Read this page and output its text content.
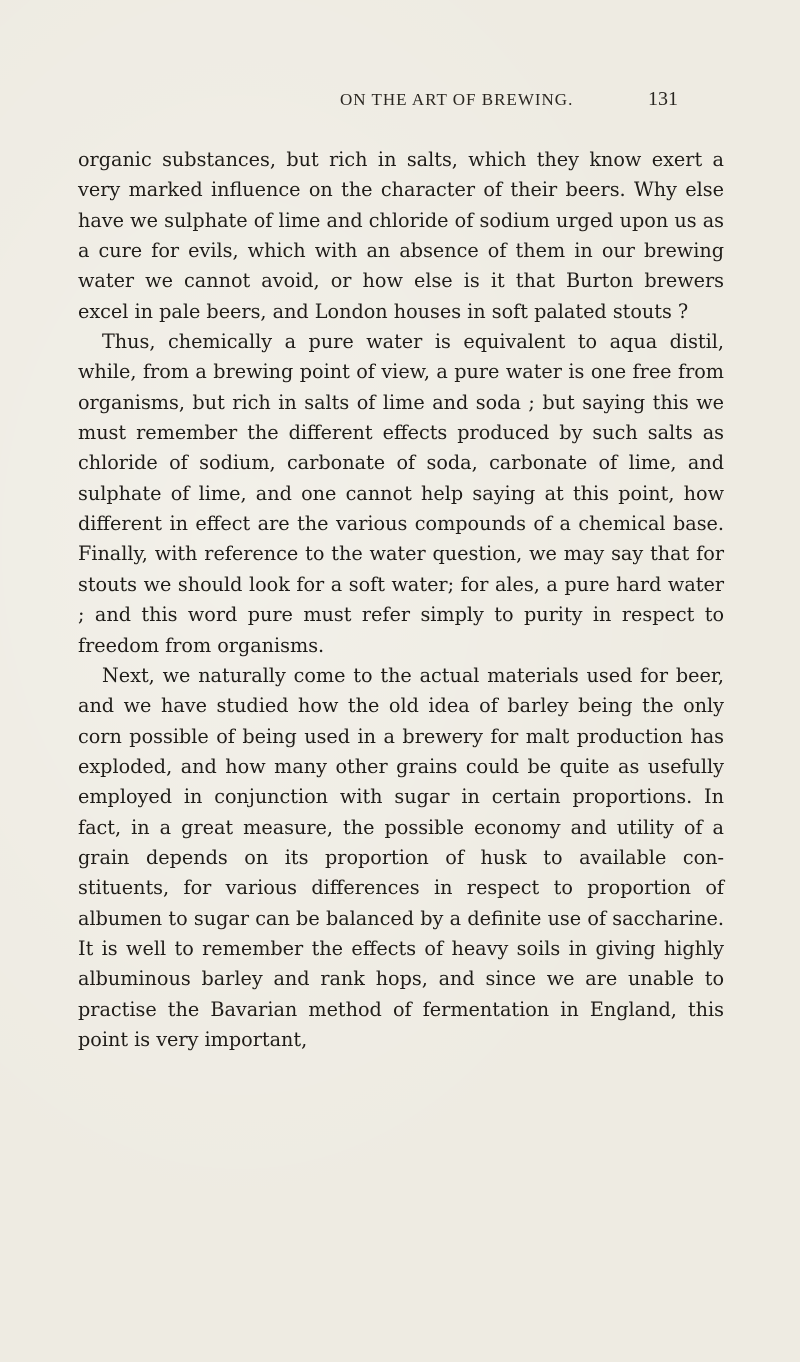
ON THE ART OF BREWING.	131

organic substances, but rich in salts, which they know exert a very marked influence on the character of their beers. Why else have we sulphate of lime and chloride of sodium urged upon us as a cure for evils, which with an absence of them in our brewing water we cannot avoid, or how else is it that Burton brewers excel in pale beers, and London houses in soft palated stouts ?

Thus, chemically a pure water is equivalent to aqua distil, while, from a brewing point of view, a pure water is one free from organisms, but rich in salts of lime and soda ; but saying this we must remember the different effects produced by such salts as chloride of sodium, carbonate of soda, carbonate of lime, and sulphate of lime, and one cannot help saying at this point, how different in effect are the various compounds of a chemical base. Finally, with reference to the water question, we may say that for stouts we should look for a soft water; for ales, a pure hard water ; and this word pure must refer simply to purity in respect to freedom from organisms.

Next, we naturally come to the actual materials used for beer, and we have studied how the old idea of barley being the only corn possible of being used in a brewery for malt production has exploded, and how many other grains could be quite as usefully employed in conjunction with sugar in certain proportions. In fact, in a great measure, the possible economy and utility of a grain depends on its proportion of husk to available con- stituents, for various differences in respect to proportion of albumen to sugar can be balanced by a definite use of saccharine. It is well to remember the effects of heavy soils in giving highly albuminous barley and rank hops, and since we are unable to practise the Bavarian method of fermentation in England, this point is very important,
